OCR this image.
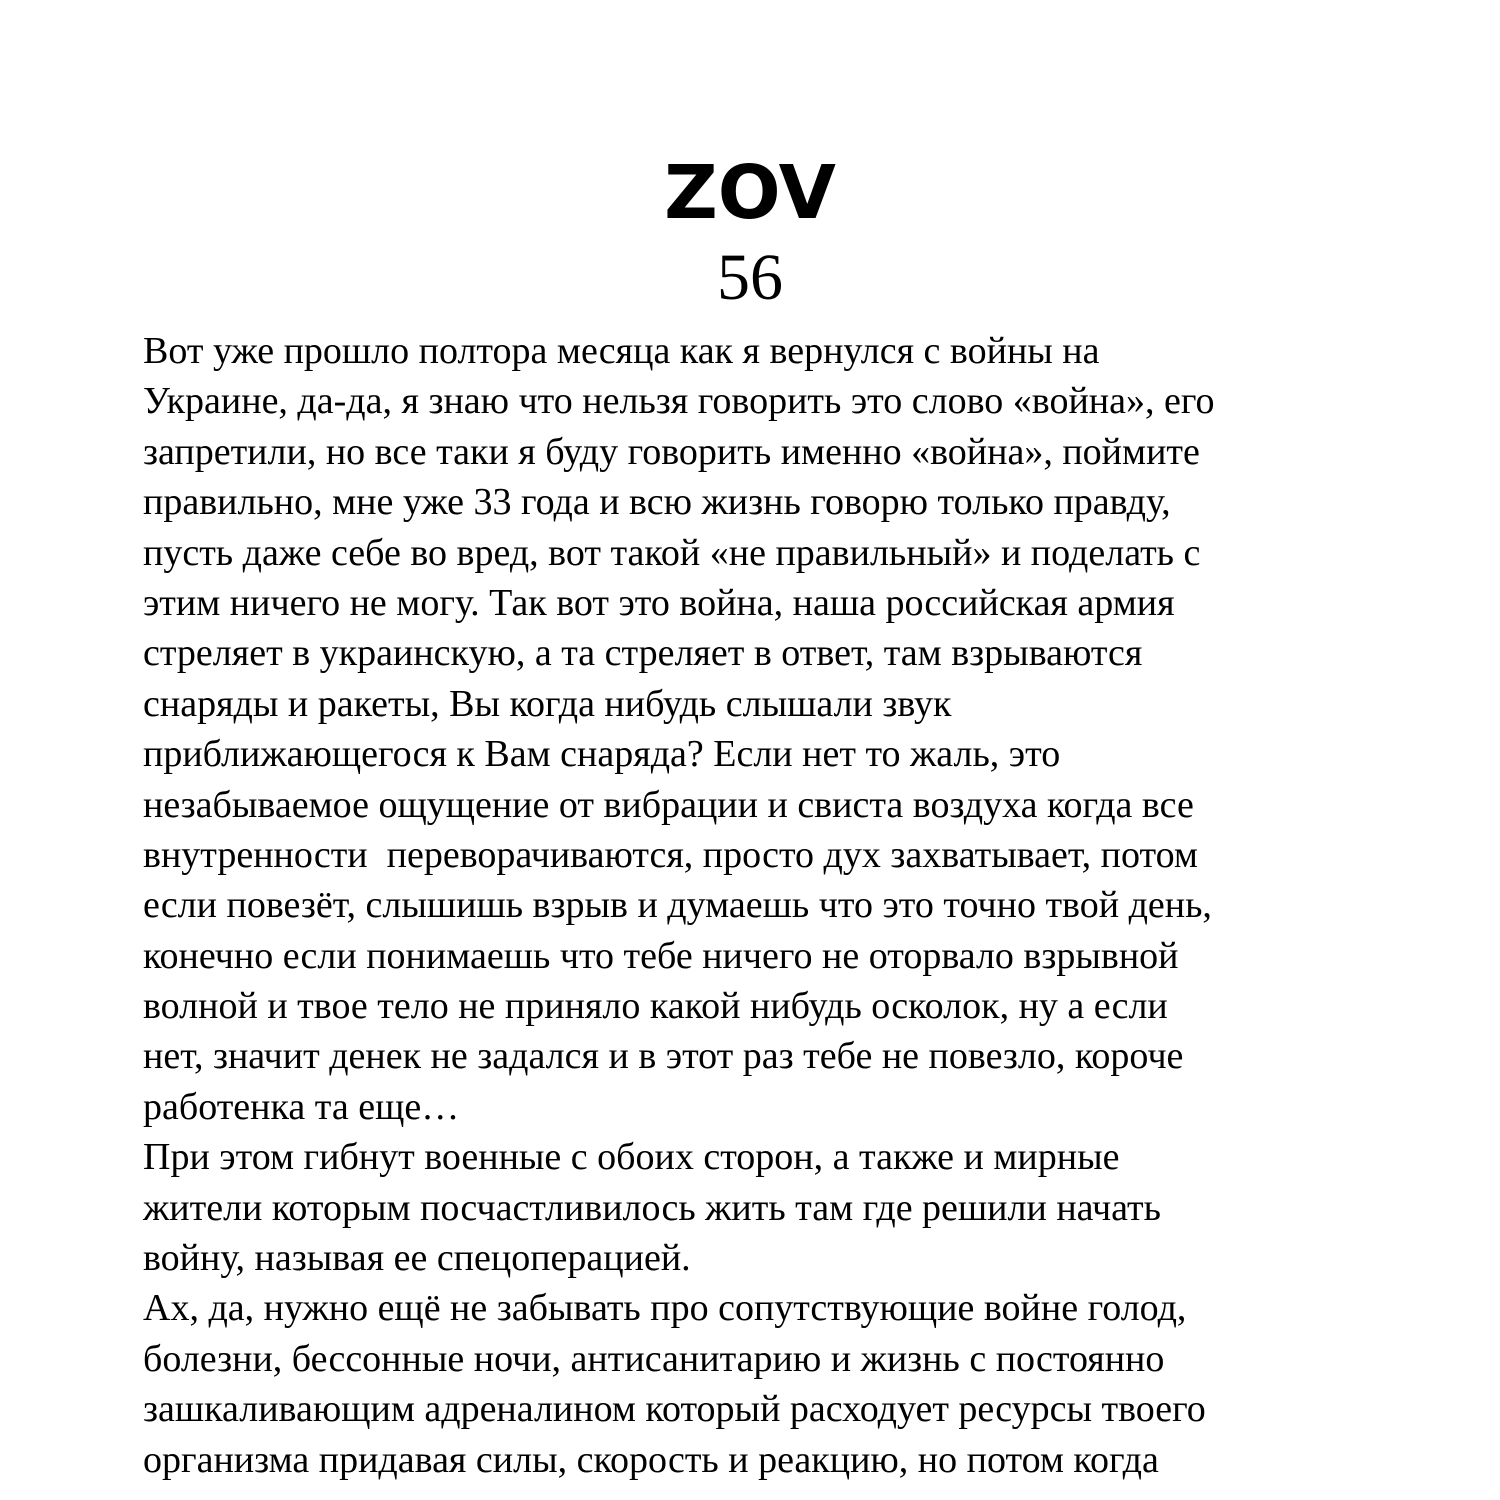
ZOV
56
Вот уже прошло полтора месяца как я вернулся с войны на
Украине, да-да, я знаю что нельзя говорить это слово «война», его
запретили, но все таки я буду говорить именно «война», поймите
правильно, мне уже 33 года и всю жизнь говорю только правду,
пусть даже себе во вред, вот такой «не правильный» и поделать с
этим ничего не могу. Так вот это война, наша российская армия
стреляет в украинскую, а та стреляет в ответ, там взрываются
снаряды и ракеты, Вы когда нибудь слышали звук
приближающегося к Вам снаряда? Если нет то жаль, это
незабываемое ощущение от вибрации и свиста воздуха когда все
внутренности  переворачиваются, просто дух захватывает, потом
если повезёт, слышишь взрыв и думаешь что это точно твой день,
конечно если понимаешь что тебе ничего не оторвало взрывной
волной и твое тело не приняло какой нибудь осколок, ну а если
нет, значит денек не задался и в этот раз тебе не повезло, короче
работенка та еще…
При этом гибнут военные с обоих сторон, а также и мирные
жители которым посчастливилось жить там где решили начать
войну, называя ее спецоперацией.
Ах, да, нужно ещё не забывать про сопутствующие войне голод,
болезни, бессонные ночи, антисанитарию и жизнь с постоянно
зашкаливающим адреналином который расходует ресурсы твоего
организма придавая силы, скорость и реакцию, но потом когда
